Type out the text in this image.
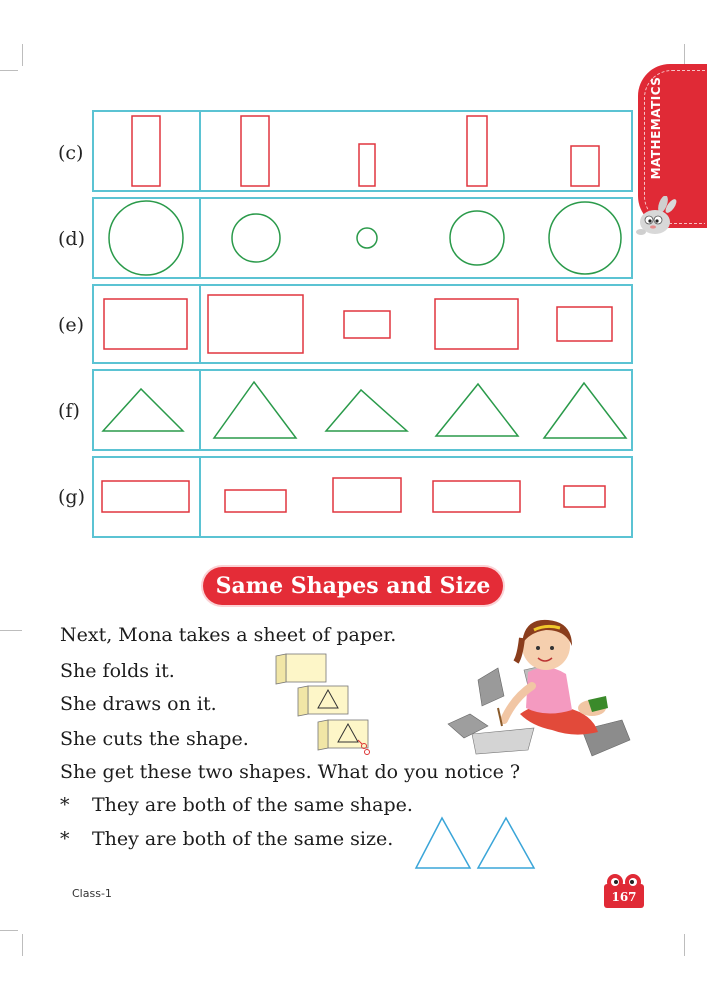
MATHEMATICS
(c)
(d)
(e)
(f)
(g)
Same Shapes and Size
Next, Mona takes a sheet of paper.
She folds it.
She draws on it.
She cuts the shape.
She get these two shapes. What do you notice ?
* They are both of the same shape.
* They are both of the same size.
Class-1	167
